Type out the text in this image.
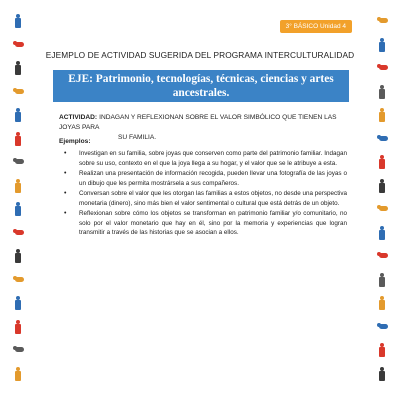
3° BÁSICO Unidad 4
EJEMPLO DE ACTIVIDAD SUGERIDA DEL PROGRAMA INTERCULTURALIDAD
EJE: Patrimonio, tecnologías, técnicas, ciencias y artes
ancestrales.
ACTIVIDAD: INDAGAN Y REFLEXIONAN SOBRE EL VALOR SIMBÓLICO QUE TIENEN LAS JOYAS PARA
SU FAMILIA.
Ejemplos:
• Investigan en su familia, sobre joyas que conserven como parte del patrimonio familiar. Indagan sobre su uso, contexto en el que la joya llega a su hogar, y el valor que se le atribuye a esta.
• Realizan una presentación de información recogida, pueden llevar una fotografía de las joyas o un dibujo que les permita mostrársela a sus compañeros.
• Conversan sobre el valor que les otorgan las familias a estos objetos, no desde una perspectiva monetaria (dinero), sino más bien el valor sentimental o cultural que está detrás de un objeto.
• Reflexionan sobre cómo los objetos se transforman en patrimonio familiar y/o comunitario, no solo por el valor monetario que hay en él, sino por la memoria y experiencias que logran transmitir a través de las historias que se asocian a ellos.
